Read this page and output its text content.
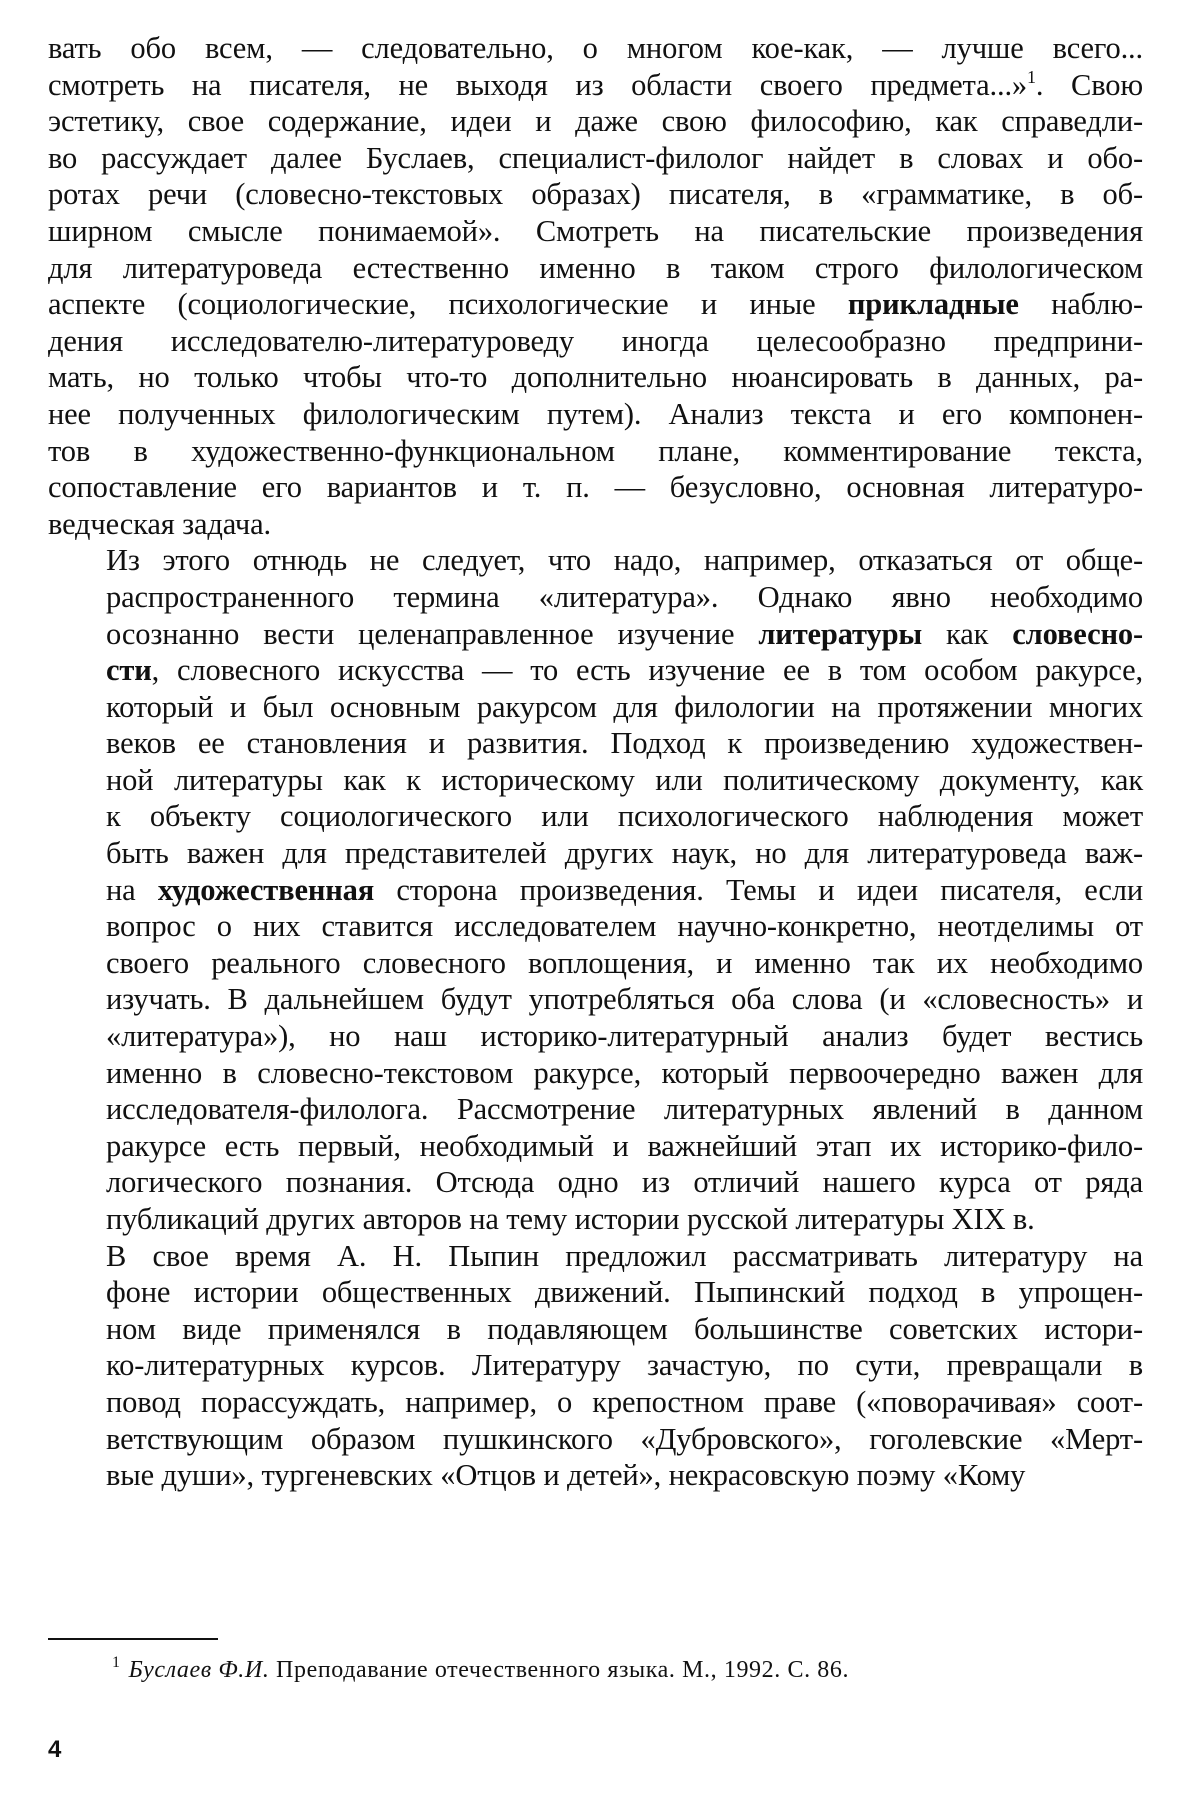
вать обо всем, — следовательно, о многом кое-как, — лучше всего...
смотреть на писателя, не выходя из области своего предмета...»$^1$. Свою
эстетику, свое содержание, идеи и даже свою философию, как справедли-
во рассуждает далее Буслаев, специалист-филолог найдет в словах и обо-
ротах речи (словесно-текстовых образах) писателя, в «грамматике, в об-
ширном смысле понимаемой». Смотреть на писательские произведения
для литературоведа естественно именно в таком строго филологическом
аспекте (социологические, психологические и иные прикладные наблю-
дения исследователю-литературоведу иногда целесообразно предприни-
мать, но только чтобы что-то дополнительно нюансировать в данных, ра-
нее полученных филологическим путем). Анализ текста и его компонен-
тов в художественно-функциональном плане, комментирование текста,
сопоставление его вариантов и т. п. — безусловно, основная литературо-
ведческая задача.
Из этого отнюдь не следует, что надо, например, отказаться от обще-
распространенного термина «литература». Однако явно необходимо
осознанно вести целенаправленное изучение литературы как словесно-
сти, словесного искусства — то есть изучение ее в том особом ракурсе,
который и был основным ракурсом для филологии на протяжении многих
веков ее становления и развития. Подход к произведению художествен-
ной литературы как к историческому или политическому документу, как
к объекту социологического или психологического наблюдения может
быть важен для представителей других наук, но для литературоведа важ-
на художественная сторона произведения. Темы и идеи писателя, если
вопрос о них ставится исследователем научно-конкретно, неотделимы от
своего реального словесного воплощения, и именно так их необходимо
изучать. В дальнейшем будут употребляться оба слова (и «словесность» и
«литература»), но наш историко-литературный анализ будет вестись
именно в словесно-текстовом ракурсе, который первоочередно важен для
исследователя-филолога. Рассмотрение литературных явлений в данном
ракурсе есть первый, необходимый и важнейший этап их историко-фило-
логического познания. Отсюда одно из отличий нашего курса от ряда
публикаций других авторов на тему истории русской литературы XIX в.
В свое время А. Н. Пыпин предложил рассматривать литературу на
фоне истории общественных движений. Пыпинский подход в упрощен-
ном виде применялся в подавляющем большинстве советских истори-
ко-литературных курсов. Литературу зачастую, по сути, превращали в
повод порассуждать, например, о крепостном праве («поворачивая» соот-
ветствующим образом пушкинского «Дубровского», гоголевские «Мерт-
вые души», тургеневских «Отцов и детей», некрасовскую поэму «Кому
$^1$ Буслаев Ф.И. Преподавание отечественного языка. М., 1992. С. 86.
4
